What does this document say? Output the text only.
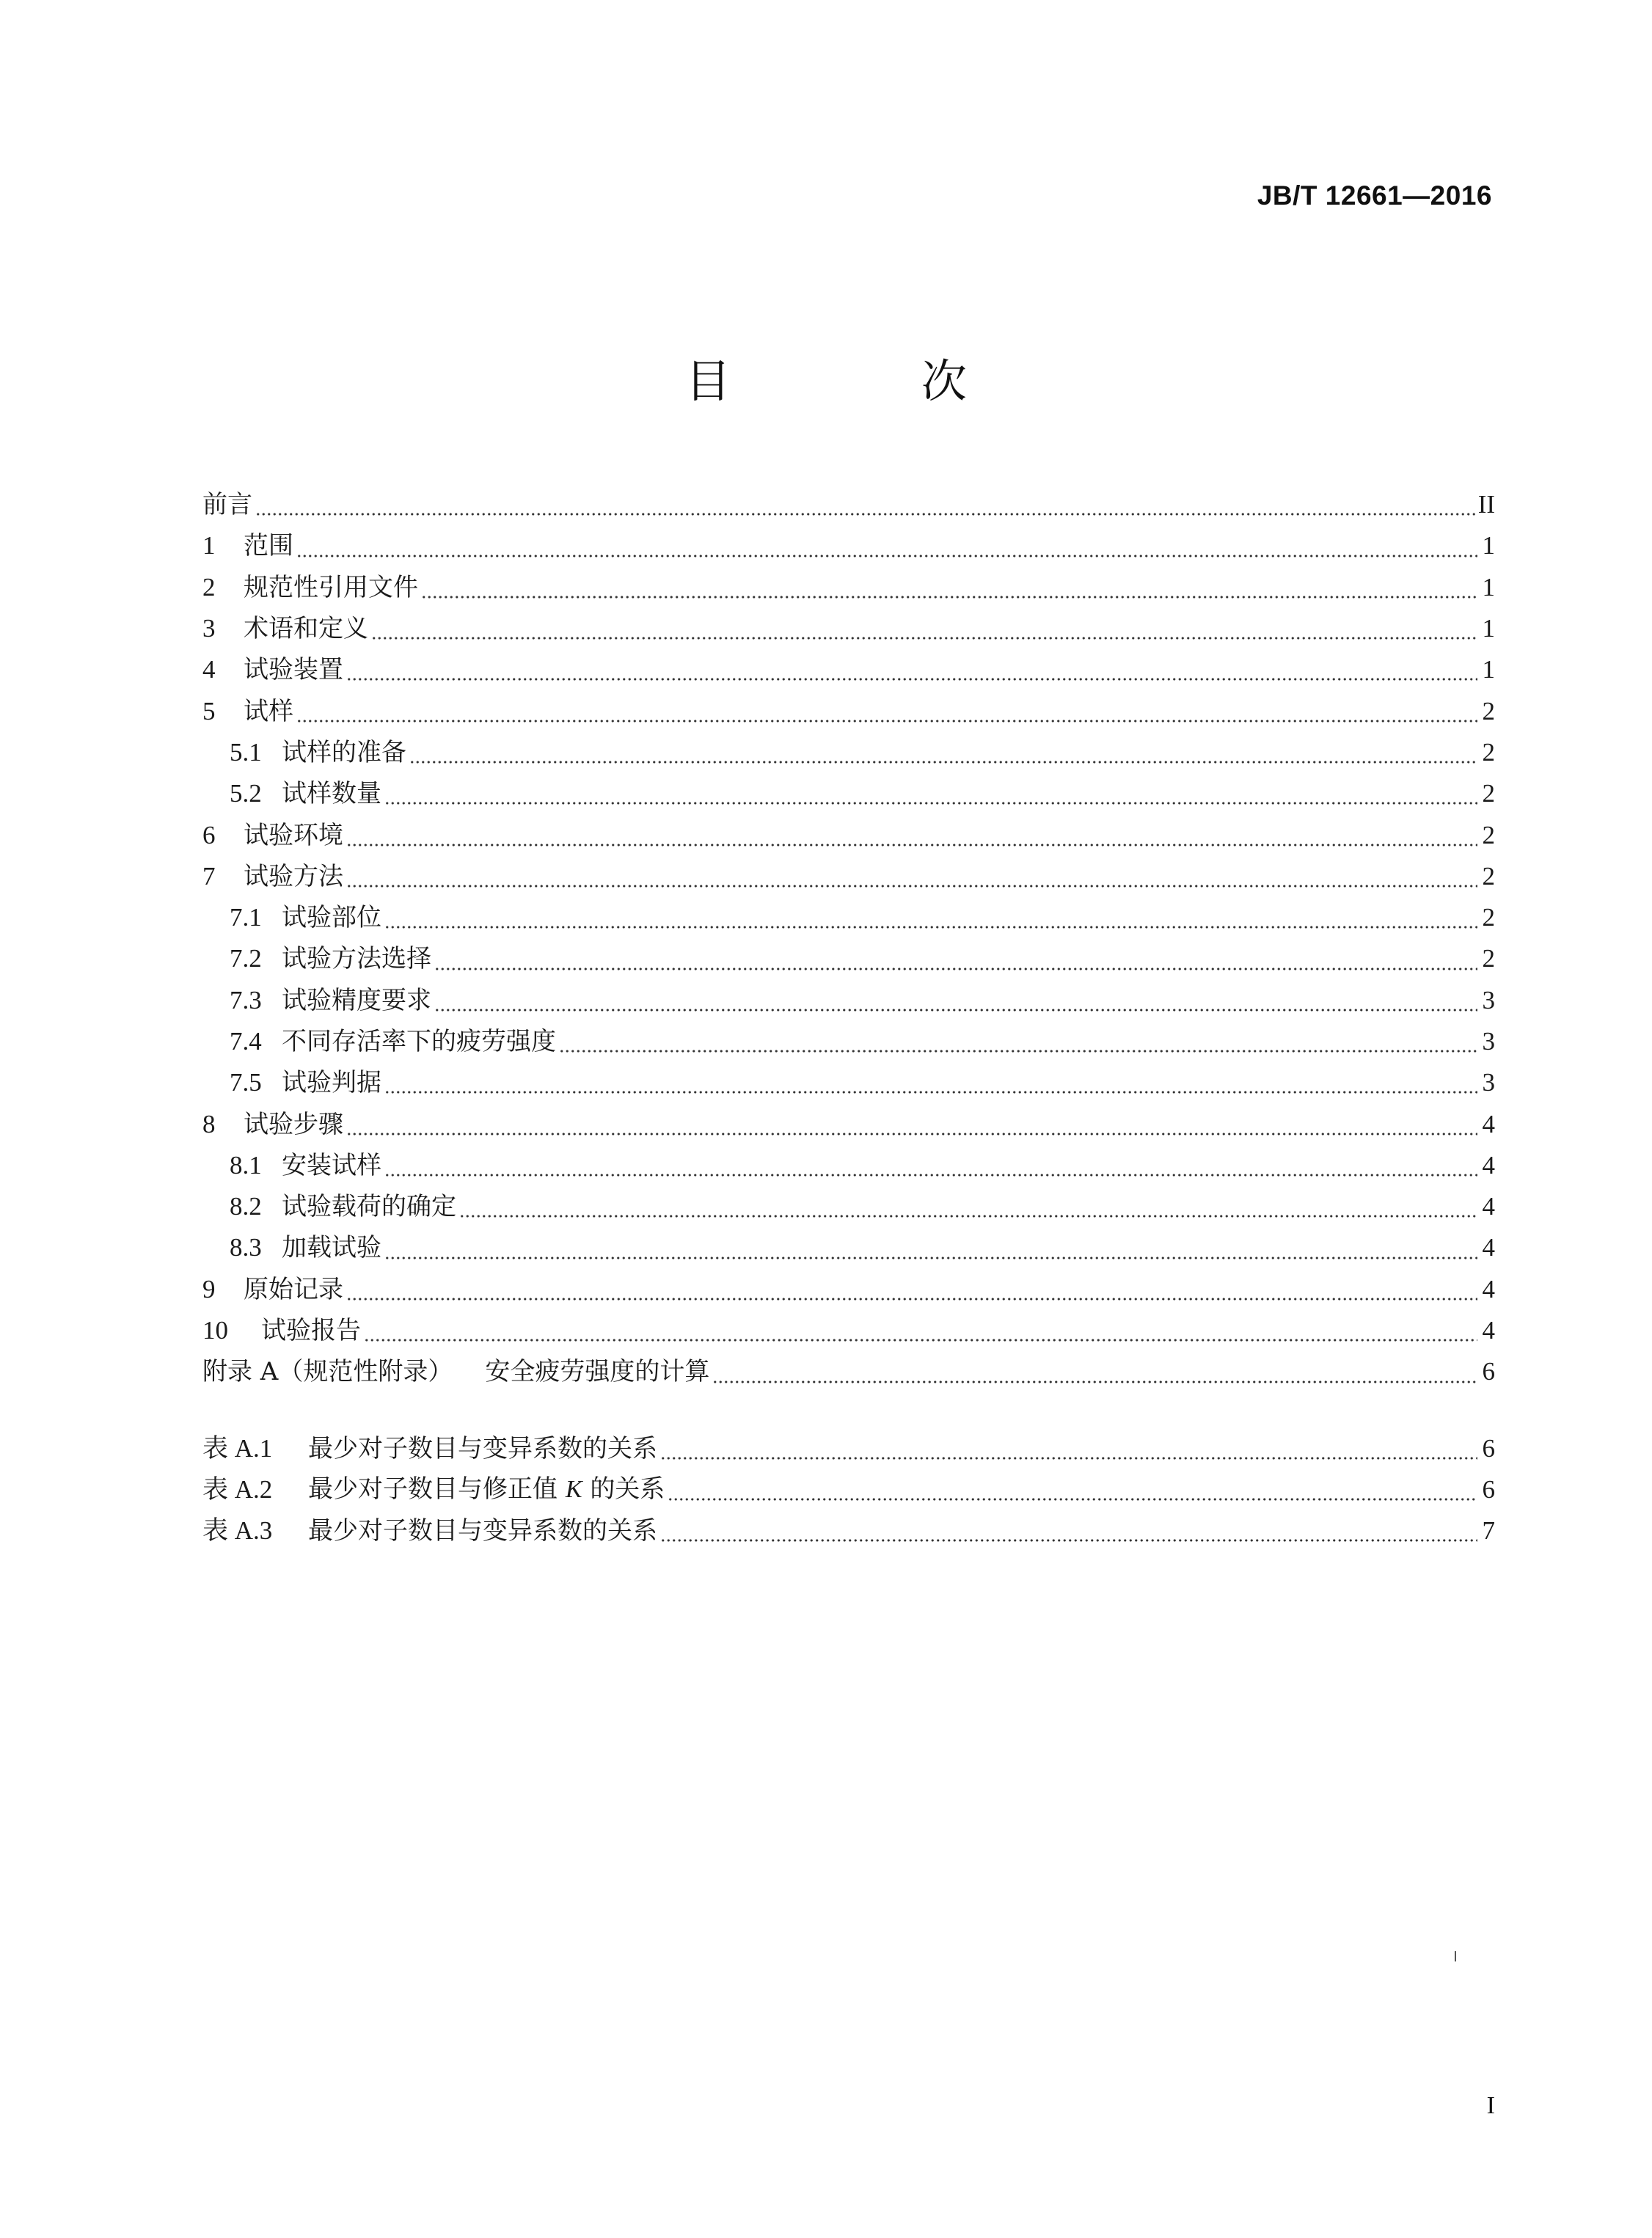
JB/T 12661—2016
目 次
前言	II
1	范围	1
2	规范性引用文件	1
3	术语和定义	1
4	试验装置	1
5	试样	2
5.1 试样的准备	2
5.2 试样数量	2
6	试验环境	2
7	试验方法	2
7.1 试验部位	2
7.2 试验方法选择	2
7.3 试验精度要求	3
7.4 不同存活率下的疲劳强度	3
7.5 试验判据	3
8	试验步骤	4
8.1 安装试样	4
8.2 试验载荷的确定	4
8.3 加载试验	4
9	原始记录	4
10	试验报告	4
附录 A（规范性附录） 安全疲劳强度的计算	6
表 A.1	最少对子数目与变异系数的关系	6
表 A.2	最少对子数目与修正值 K 的关系	6
表 A.3	最少对子数目与变异系数的关系	7
I
